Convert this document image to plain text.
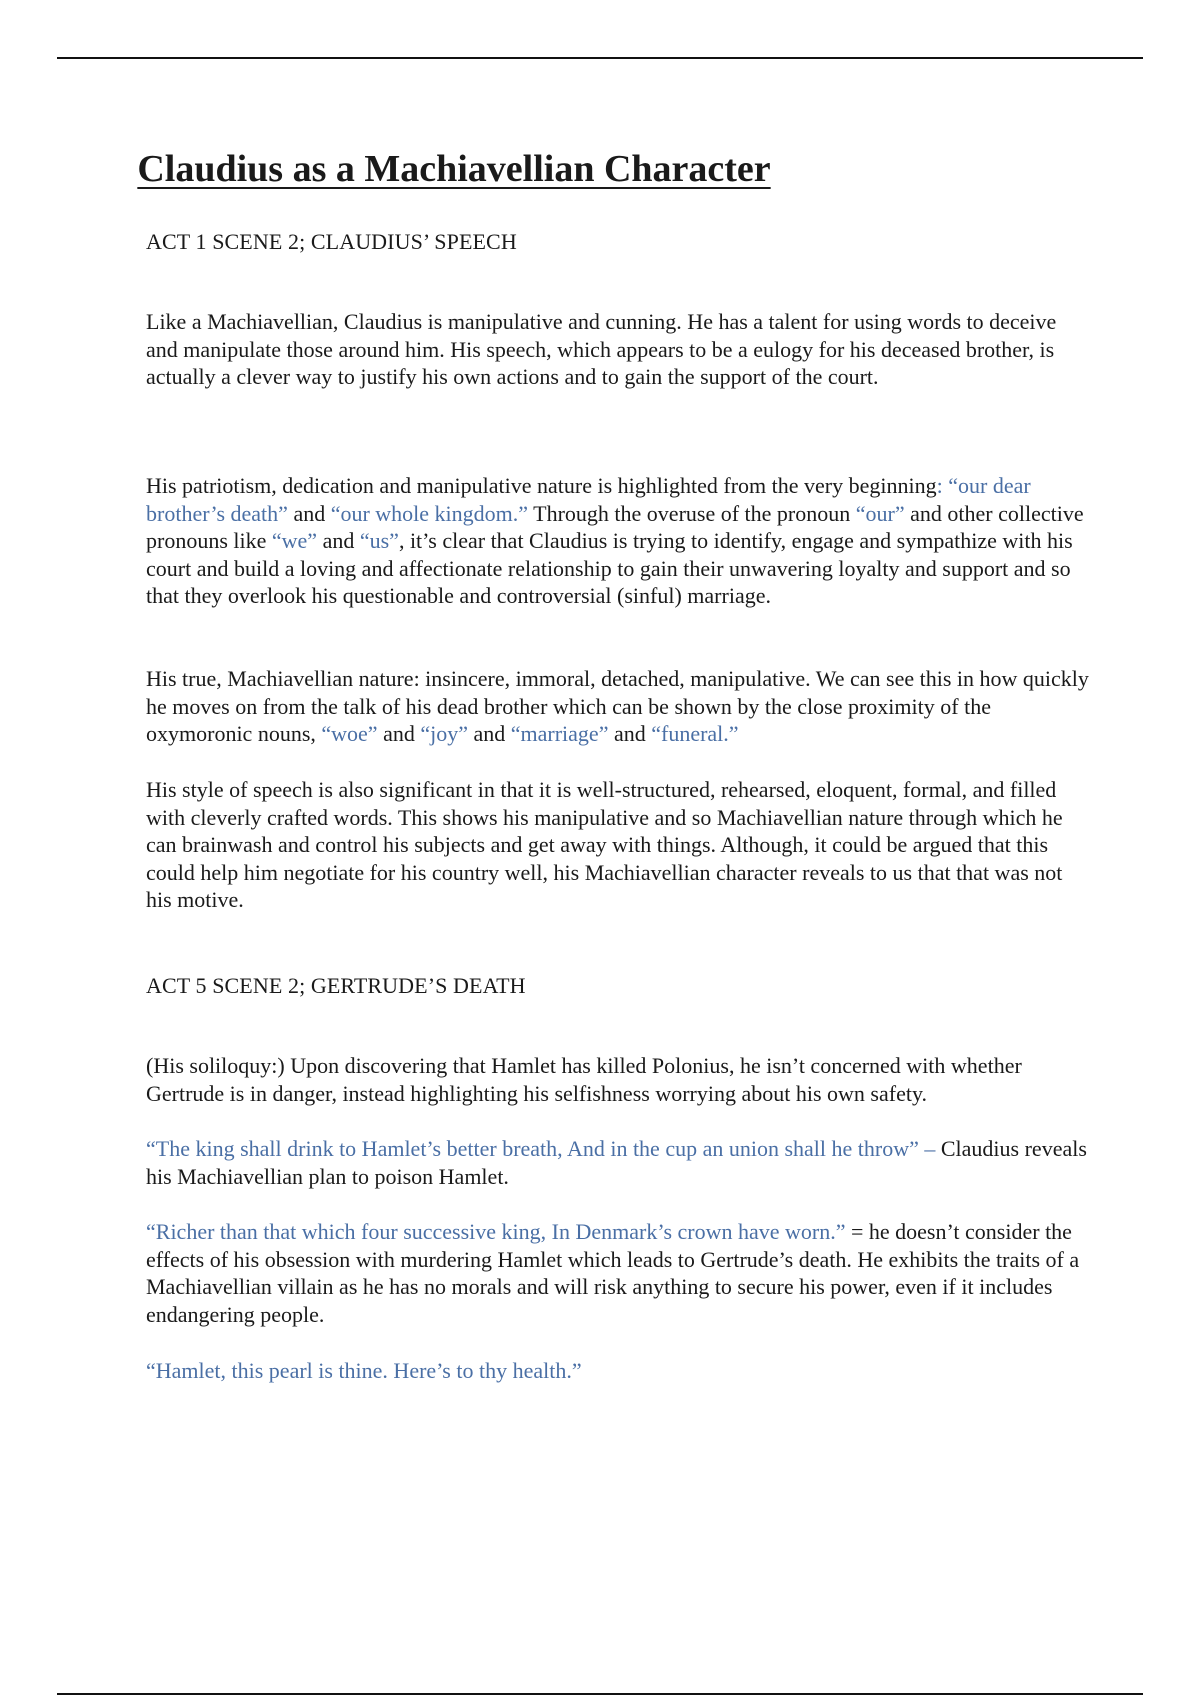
Claudius as a Machiavellian Character
ACT 1 SCENE 2; CLAUDIUS’ SPEECH

Like a Machiavellian, Claudius is manipulative and cunning. He has a talent for using words to deceive and manipulate those around him. His speech, which appears to be a eulogy for his deceased brother, is actually a clever way to justify his own actions and to gain the support of the court.

His patriotism, dedication and manipulative nature is highlighted from the very beginning: “our dear brother’s death” and “our whole kingdom.” Through the overuse of the pronoun “our” and other collective pronouns like “we” and “us”, it’s clear that Claudius is trying to identify, engage and sympathize with his court and build a loving and affectionate relationship to gain their unwavering loyalty and support and so that they overlook his questionable and controversial (sinful) marriage.

His true, Machiavellian nature: insincere, immoral, detached, manipulative. We can see this in how quickly he moves on from the talk of his dead brother which can be shown by the close proximity of the oxymoronic nouns, “woe” and “joy” and “marriage” and “funeral.”

His style of speech is also significant in that it is well-structured, rehearsed, eloquent, formal, and filled with cleverly crafted words. This shows his manipulative and so Machiavellian nature through which he can brainwash and control his subjects and get away with things. Although, it could be argued that this could help him negotiate for his country well, his Machiavellian character reveals to us that that was not his motive.

ACT 5 SCENE 2; GERTRUDE’S DEATH

(His soliloquy:) Upon discovering that Hamlet has killed Polonius, he isn’t concerned with whether Gertrude is in danger, instead highlighting his selfishness worrying about his own safety.

“The king shall drink to Hamlet’s better breath, And in the cup an union shall he throw” – Claudius reveals his Machiavellian plan to poison Hamlet.

“Richer than that which four successive king, In Denmark’s crown have worn.” = he doesn’t consider the effects of his obsession with murdering Hamlet which leads to Gertrude’s death. He exhibits the traits of a Machiavellian villain as he has no morals and will risk anything to secure his power, even if it includes endangering people.

“Hamlet, this pearl is thine. Here’s to thy health.”
